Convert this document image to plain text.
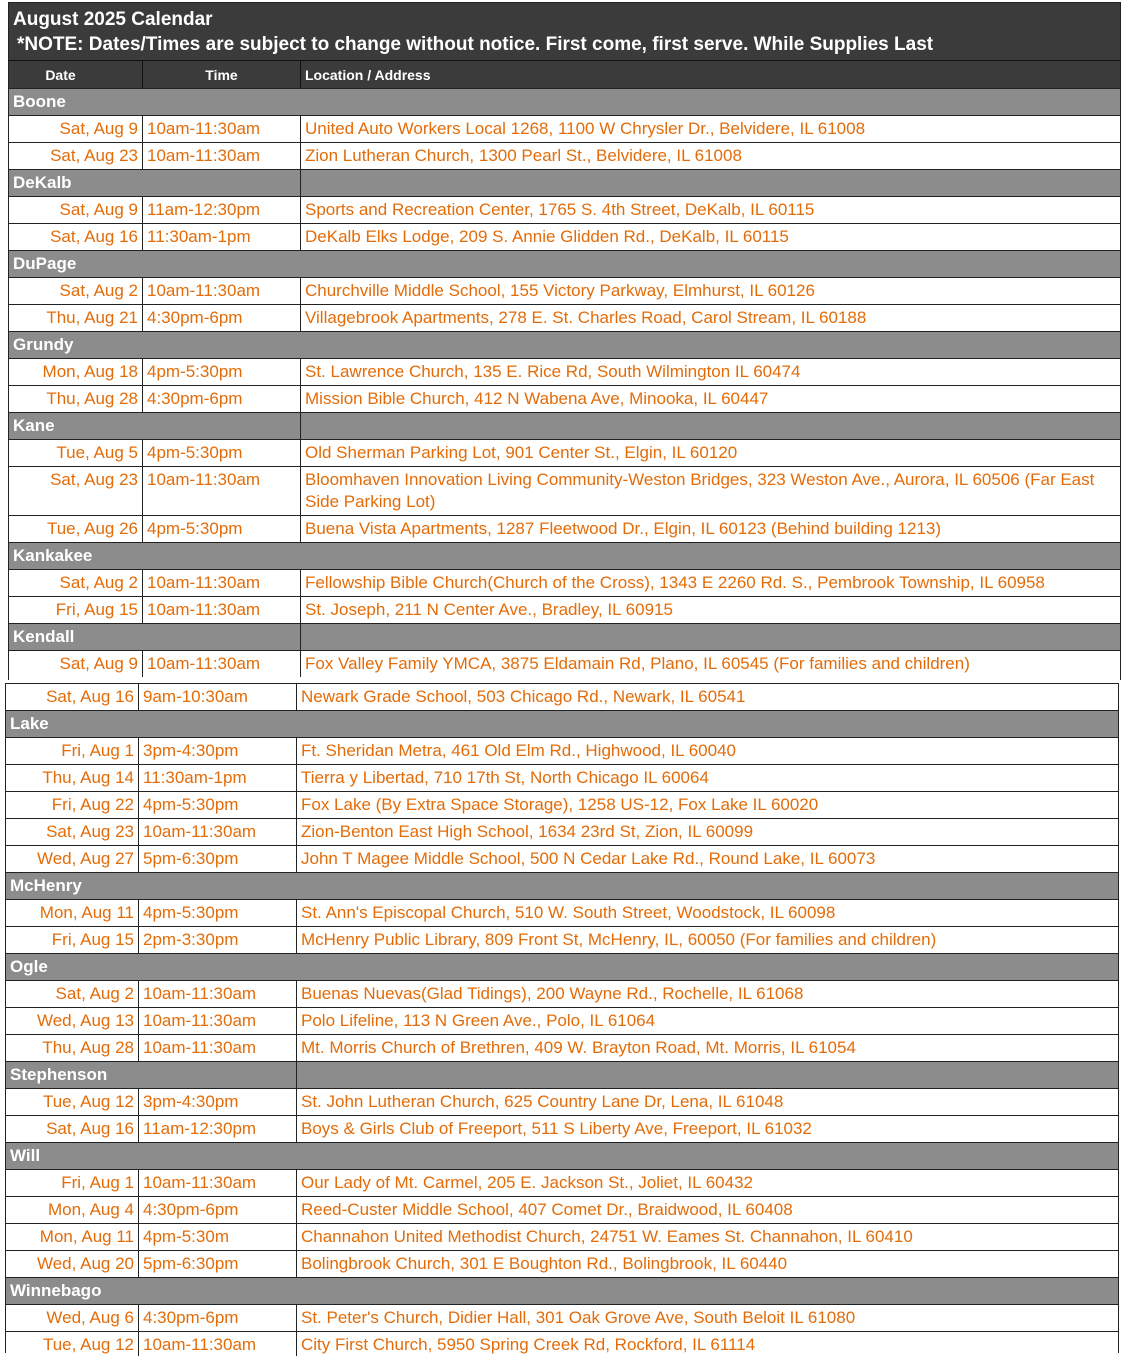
August 2025 Calendar
*NOTE: Dates/Times are subject to change without notice. First come, first serve. While Supplies Last
Date	Time	Location / Address
Boone
Sat, Aug 9 10am-11:30am	United Auto Workers Local 1268, 1100 W Chrysler Dr., Belvidere, IL 61008
Sat, Aug 23 10am-11:30am	Zion Lutheran Church, 1300 Pearl St., Belvidere, IL 61008
DeKalb
Sat, Aug 9 11am-12:30pm	Sports and Recreation Center, 1765 S. 4th Street, DeKalb, IL 60115
Sat, Aug 16 11:30am-1pm	DeKalb Elks Lodge, 209 S. Annie Glidden Rd., DeKalb, IL 60115
DuPage
Sat, Aug 2 10am-11:30am	Churchville Middle School, 155 Victory Parkway, Elmhurst, IL 60126
Thu, Aug 21 4:30pm-6pm	Villagebrook Apartments, 278 E. St. Charles Road, Carol Stream, IL 60188
Grundy
Mon, Aug 18 4pm-5:30pm	St. Lawrence Church, 135 E. Rice Rd, South Wilmington IL 60474
Thu, Aug 28 4:30pm-6pm	Mission Bible Church, 412 N Wabena Ave, Minooka, IL 60447
Kane
Tue, Aug 5 4pm-5:30pm	Old Sherman Parking Lot, 901 Center St., Elgin, IL 60120
Sat, Aug 23 10am-11:30am	Bloomhaven Innovation Living Community-Weston Bridges, 323 Weston Ave., Aurora, IL 60506 (Far East Side Parking Lot)
Tue, Aug 26 4pm-5:30pm	Buena Vista Apartments, 1287 Fleetwood Dr., Elgin, IL 60123 (Behind building 1213)
Kankakee
Sat, Aug 2 10am-11:30am	Fellowship Bible Church(Church of the Cross), 1343 E 2260 Rd. S., Pembrook Township, IL 60958
Fri, Aug 15 10am-11:30am	St. Joseph, 211 N Center Ave., Bradley, IL 60915
Kendall
Sat, Aug 9 10am-11:30am	Fox Valley Family YMCA, 3875 Eldamain Rd, Plano, IL 60545 (For families and children)
Sat, Aug 16 9am-10:30am	Newark Grade School, 503 Chicago Rd., Newark, IL 60541
Lake
Fri, Aug 1 3pm-4:30pm	Ft. Sheridan Metra, 461 Old Elm Rd., Highwood, IL 60040
Thu, Aug 14 11:30am-1pm	Tierra y Libertad, 710 17th St, North Chicago IL 60064
Fri, Aug 22 4pm-5:30pm	Fox Lake (By Extra Space Storage), 1258 US-12, Fox Lake IL 60020
Sat, Aug 23 10am-11:30am	Zion-Benton East High School, 1634 23rd St, Zion, IL 60099
Wed, Aug 27 5pm-6:30pm	John T Magee Middle School, 500 N Cedar Lake Rd., Round Lake, IL 60073
McHenry
Mon, Aug 11 4pm-5:30pm	St. Ann's Episcopal Church, 510 W. South Street, Woodstock, IL 60098
Fri, Aug 15 2pm-3:30pm	McHenry Public Library, 809 Front St, McHenry, IL, 60050 (For families and children)
Ogle
Sat, Aug 2 10am-11:30am	Buenas Nuevas(Glad Tidings), 200 Wayne Rd., Rochelle, IL 61068
Wed, Aug 13 10am-11:30am	Polo Lifeline, 113 N Green Ave., Polo, IL 61064
Thu, Aug 28 10am-11:30am	Mt. Morris Church of Brethren, 409 W. Brayton Road, Mt. Morris, IL 61054
Stephenson
Tue, Aug 12 3pm-4:30pm	St. John Lutheran Church, 625 Country Lane Dr, Lena, IL 61048
Sat, Aug 16 11am-12:30pm	Boys & Girls Club of Freeport, 511 S Liberty Ave, Freeport, IL 61032
Will
Fri, Aug 1 10am-11:30am	Our Lady of Mt. Carmel, 205 E. Jackson St., Joliet, IL 60432
Mon, Aug 4 4:30pm-6pm	Reed-Custer Middle School, 407 Comet Dr., Braidwood, IL 60408
Mon, Aug 11 4pm-5:30m	Channahon United Methodist Church, 24751 W. Eames St. Channahon, IL 60410
Wed, Aug 20 5pm-6:30pm	Bolingbrook Church, 301 E Boughton Rd., Bolingbrook, IL 60440
Winnebago
Wed, Aug 6 4:30pm-6pm	St. Peter's Church, Didier Hall, 301 Oak Grove Ave, South Beloit IL 61080
Tue, Aug 12 10am-11:30am	City First Church, 5950 Spring Creek Rd, Rockford, IL 61114
